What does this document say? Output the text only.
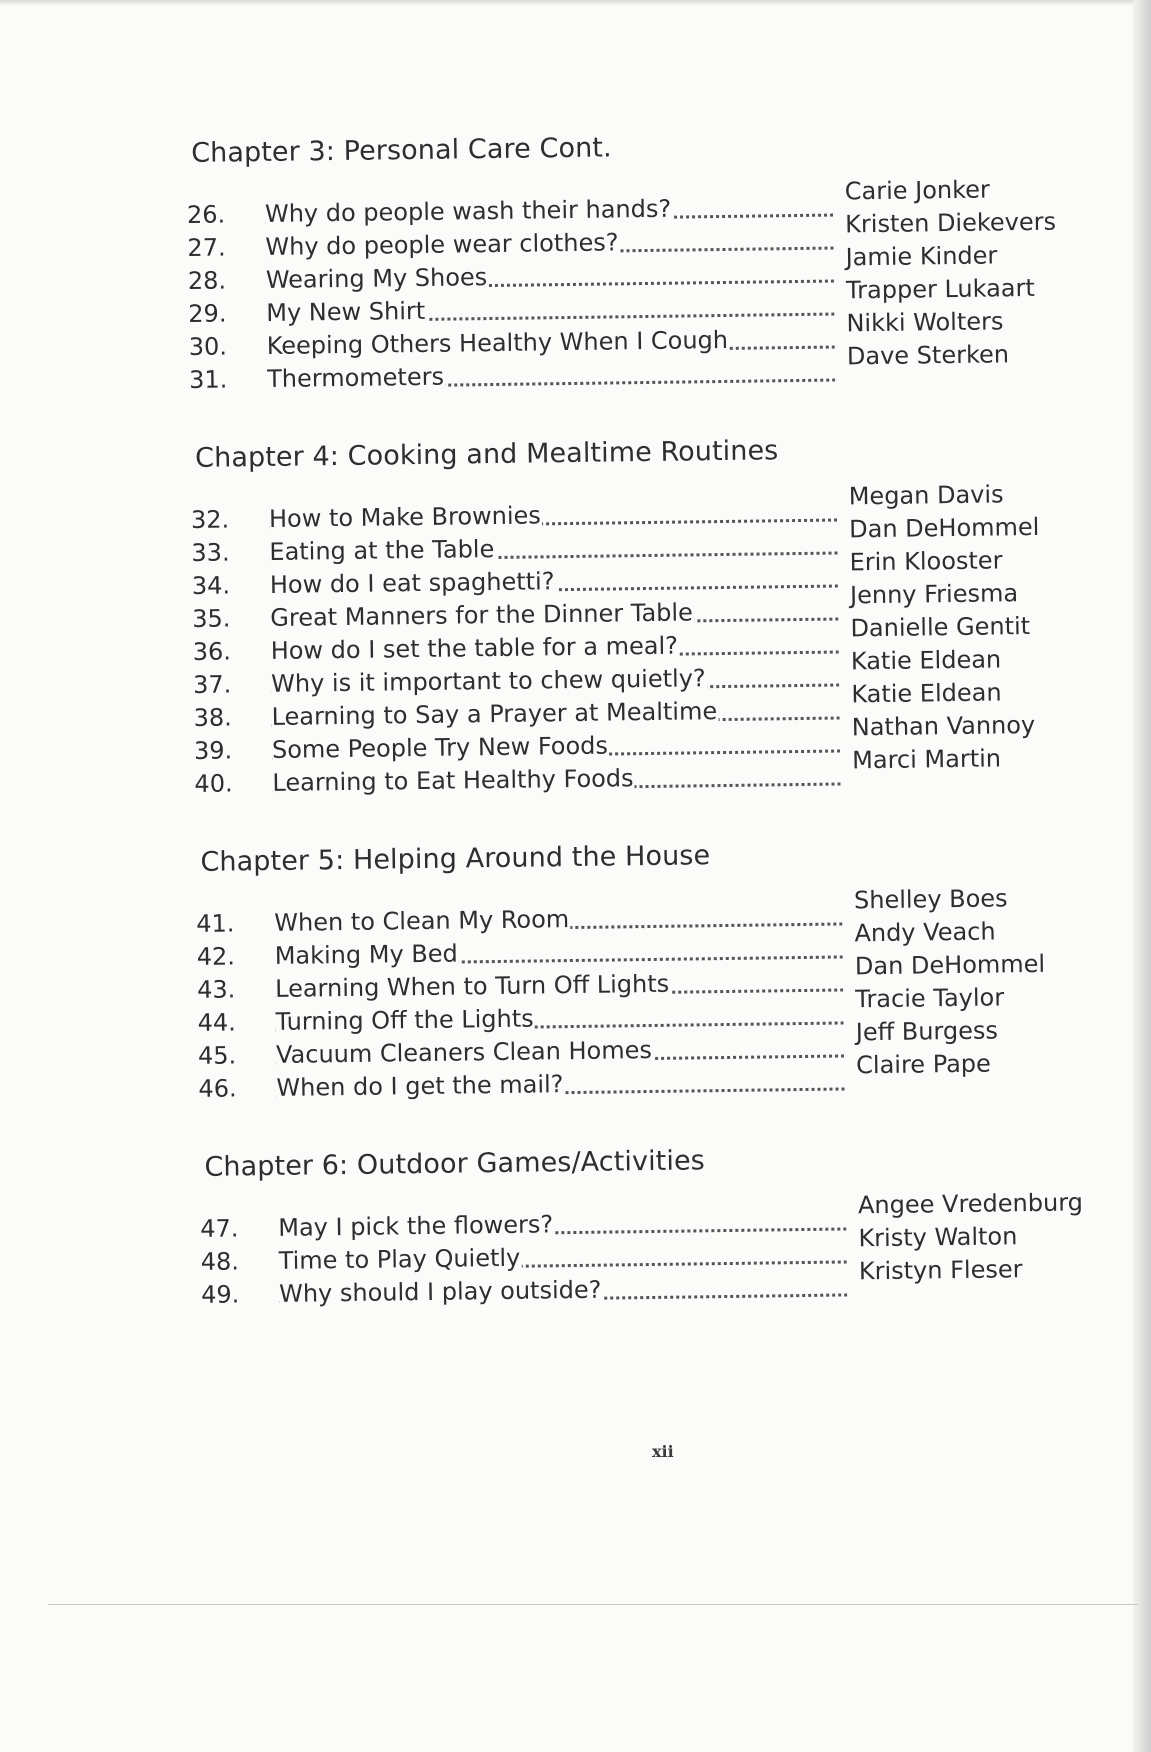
Chapter 3: Personal Care Cont.
26. Why do people wash their hands?
Carie Jonker
27. Why do people wear clothes?
Kristen Diekevers
28. Wearing My Shoes
Jamie Kinder
29. My New Shirt
Trapper Lukaart
30. Keeping Others Healthy When I Cough
Nikki Wolters
31. Thermometers
Dave Sterken
Chapter 4: Cooking and Mealtime Routines
32. How to Make Brownies
Megan Davis
33. Eating at the Table
Dan DeHommel
34. How do I eat spaghetti?
Erin Klooster
35. Great Manners for the Dinner Table
Jenny Friesma
36. How do I set the table for a meal?
Danielle Gentit
37. Why is it important to chew quietly?
Katie Eldean
38. Learning to Say a Prayer at Mealtime
Katie Eldean
39. Some People Try New Foods
Nathan Vannoy
40. Learning to Eat Healthy Foods
Marci Martin
Chapter 5: Helping Around the House
41. When to Clean My Room
Shelley Boes
42. Making My Bed
Andy Veach
43. Learning When to Turn Off Lights
Dan DeHommel
44. Turning Off the Lights
Tracie Taylor
45. Vacuum Cleaners Clean Homes
Jeff Burgess
46. When do I get the mail?
Claire Pape
Chapter 6: Outdoor Games/Activities
47. May I pick the flowers?
Angee Vredenburg
48. Time to Play Quietly
Kristy Walton
49. Why should I play outside?
Kristyn Fleser
xii
